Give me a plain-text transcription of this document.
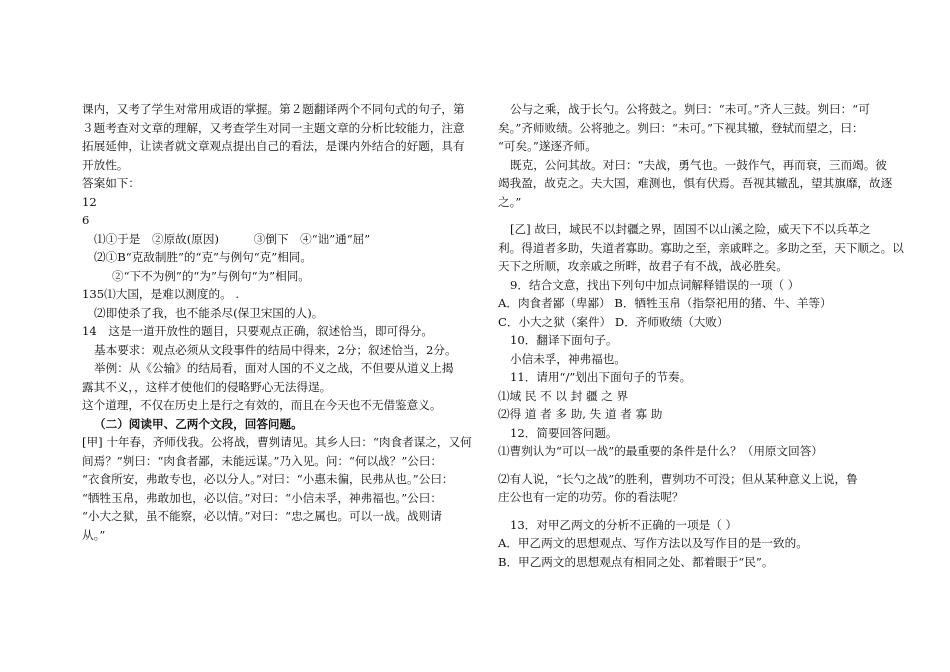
课内，又考了学生对常用成语的掌握。第２题翻译两个不同句式的句子，第

３题考查对文章的理解，又考查学生对同一主题文章的分析比较能力，注意

拓展延伸，让读者就文章观点提出自己的看法，是课内外结合的好题，具有

开放性。

答案如下：

12

6

⑴①于是　②原故(原因)　　　③倒下　④“诎”通“屈”

⑵①B“克敌制胜”的“克”与例句“克”相同。

②“下不为例”的“为”与例句“为”相同。

135⑴大国，是难以测度的。 .

⑵即使杀了我，也不能杀尽(保卫宋国的人)。

14　这是一道开放性的题目，只要观点正确，叙述恰当，即可得分。

基本要求：观点必须从文段事件的结局中得来，2分；叙述恰当，2分。

举例：从《公输》的结局看，面对人国的不义之战，不但要从道义上揭

露其不义，，这样才使他们的侵略野心无法得逞。

这个道理，不仅在历史上是行之有效的，而且在今天也不无借鉴意义。

（二）阅读甲、乙两个文段，回答问题。

[甲] 十年春，齐师伐我。公将战，曹刿请见。其乡人曰：“肉食者谋之，又何

间焉？”刿曰：“肉食者鄙，未能远谋。”乃入见。问：“何以战？”公曰：

“衣食所安，弗敢专也，必以分人。”对曰：“小惠未徧，民弗从也。”公曰：

“牺牲玉帛，弗敢加也，必以信。”对曰：“小信未孚，神弗福也。”公曰：

“小大之狱，虽不能察，必以情。”对曰：“忠之属也。可以一战。战则请

从。”

公与之乘，战于长勺。公将鼓之。刿曰：“未可。”齐人三鼓。刿曰：“可

矣。”齐师败绩。公将驰之。刿曰：“未可。”下视其辙，登轼而望之，曰：

“可矣。”遂逐齐师。

既克，公问其故。对曰：“夫战，勇气也。一鼓作气，再而衰，三而竭。彼

竭我盈，故克之。夫大国，难测也，惧有伏焉。吾视其辙乱，望其旗靡，故逐

之。”

[乙] 故曰，域民不以封疆之界，固国不以山溪之险，威天下不以兵革之

利。得道者多助，失道者寡助。寡助之至，亲戚畔之。多助之至，天下顺之。以

天下之所顺，攻亲戚之所畔，故君子有不战，战必胜矣。

9．结合文意，找出下列句中加点词解释错误的一项（ ）

A．肉食者鄙（卑鄙） B．牺牲玉帛（指祭祀用的猪、牛、羊等）

C．小大之狱（案件） D．齐师败绩（大败）

10．翻译下面句子。

小信未孚，神弗福也。

11．请用“/”划出下面句子的节奏。

⑴域 民 不 以 封 疆 之 界

⑵得 道 者 多 助, 失 道 者 寡 助

12．简要回答问题。

⑴曹刿认为“可以一战”的最重要的条件是什么？（用原文回答）

⑵有人说，“长勺之战”的胜利，曹刿功不可没；但从某种意义上说，鲁

庄公也有一定的功劳。你的看法呢？

13．对甲乙两文的分析不正确的一项是（ ）

A．甲乙两文的思想观点、写作方法以及写作目的是一致的。

B．甲乙两文的思想观点有相同之处、都着眼于“民”。
